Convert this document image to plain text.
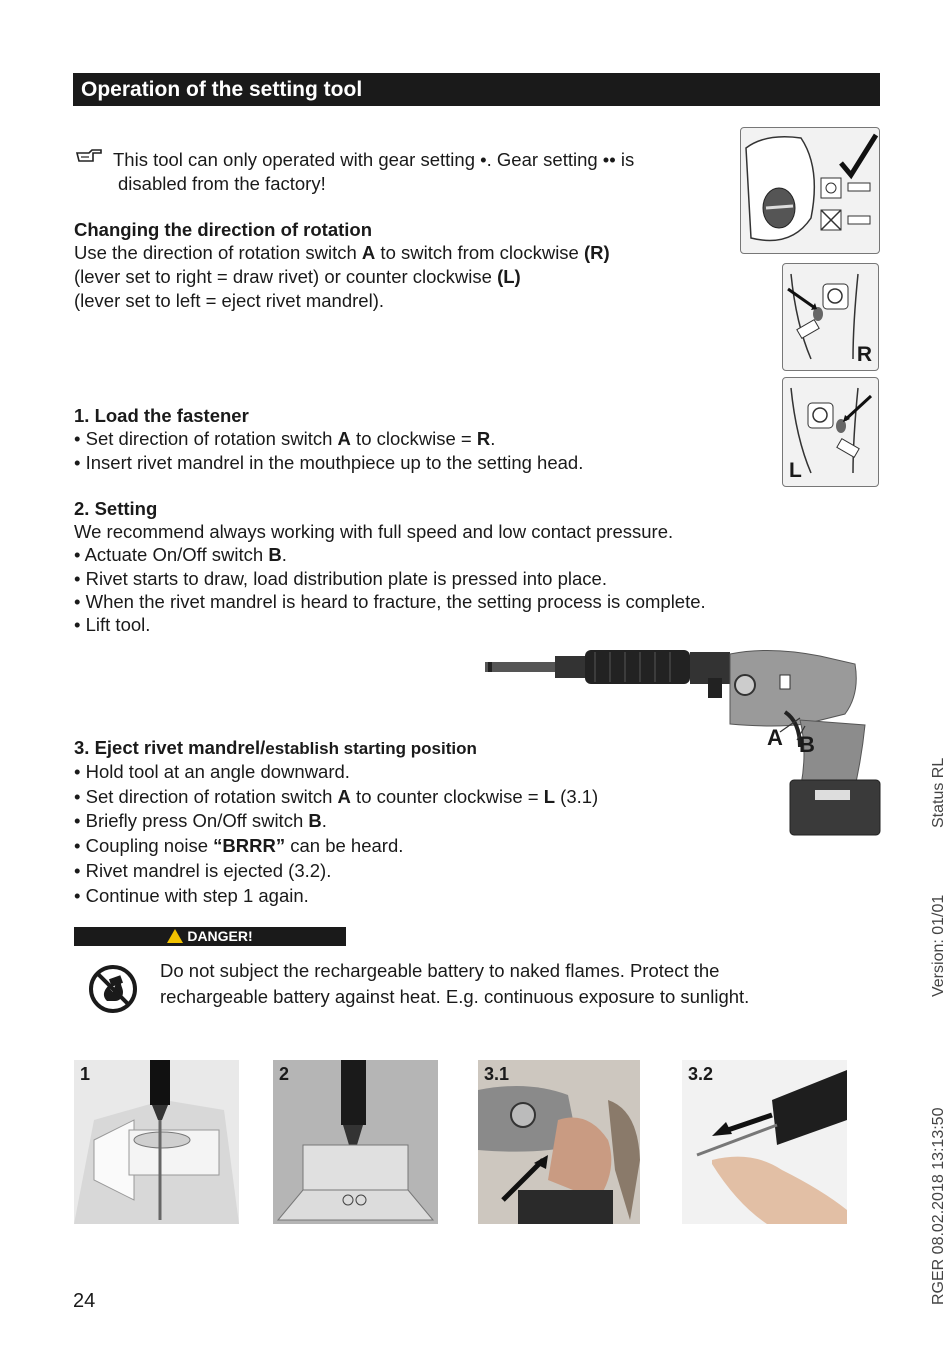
Operation of the setting tool
This tool can only operated with gear setting •. Gear setting •• is
disabled from the factory!
Changing the direction of rotation
Use the direction of rotation switch A to switch from clockwise (R)
(lever set to right = draw rivet) or counter clockwise (L)
(lever set to left = eject rivet mandrel).
1. Load the fastener
• Set direction of rotation switch A to clockwise = R.
• Insert rivet mandrel in the mouthpiece up to the setting head.
2. Setting
We recommend always working with full speed and low contact pressure.
• Actuate On/Off switch B.
• Rivet starts to draw, load distribution plate is pressed into place.
• When the rivet mandrel is heard to fracture, the setting process is complete.
• Lift tool.
3. Eject rivet mandrel/establish starting position
• Hold tool at an angle downward.
• Set direction of rotation switch A to counter clockwise = L (3.1)
• Briefly press On/Off switch B.
• Coupling noise “BRRR” can be heard.
• Rivet mandrel is ejected (3.2).
• Continue with step 1 again.
DANGER!
Do not subject the rechargeable battery to naked flames. Protect the
rechargeable battery against heat. E.g. continuous exposure to sunlight.
R
L
A B
1	2	3.1	3.2
24
Status RL
Version: 01/01
RGER 08.02.2018 13:13:50
